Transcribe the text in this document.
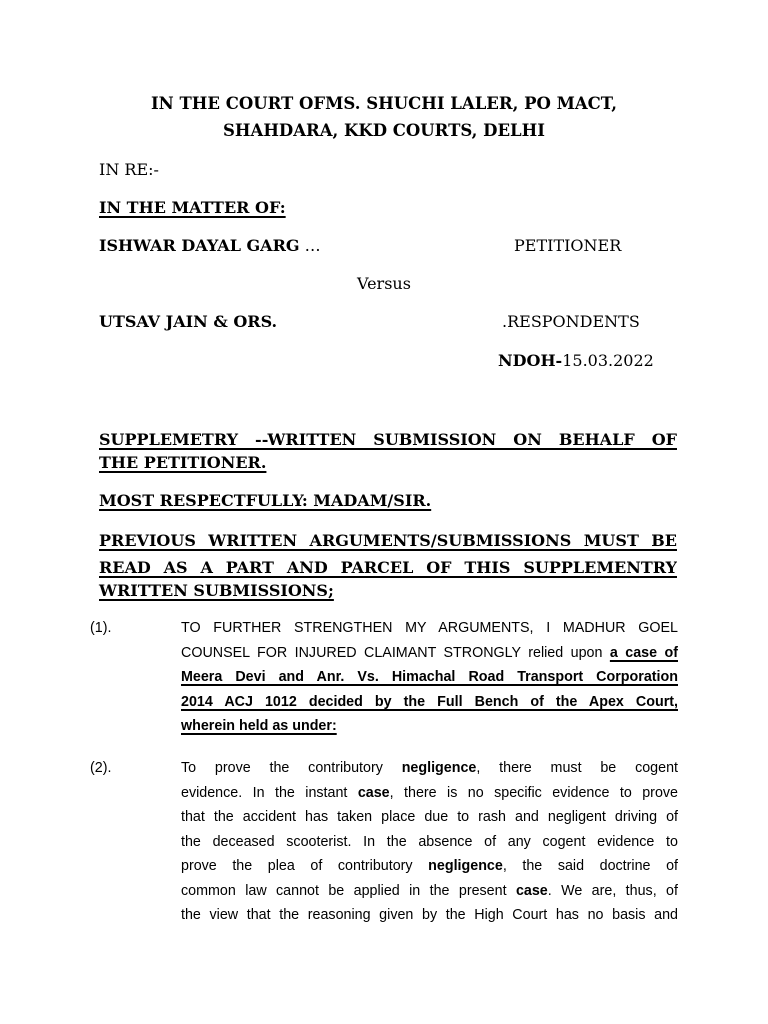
IN THE COURT OFMS. SHUCHI LALER, PO MACT,
SHAHDARA, KKD COURTS, DELHI
IN RE:-
IN THE MATTER OF:
ISHWAR DAYAL GARG …	PETITIONER
Versus
UTSAV JAIN & ORS.	.RESPONDENTS
NDOH-15.03.2022
SUPPLEMETRY --WRITTEN SUBMISSION ON BEHALF OF
THE PETITIONER.
MOST RESPECTFULLY: MADAM/SIR.
PREVIOUS WRITTEN ARGUMENTS/SUBMISSIONS MUST BE
READ AS A PART AND PARCEL OF THIS SUPPLEMENTRY
WRITTEN SUBMISSIONS;
(1).	TO FURTHER STRENGTHEN MY ARGUMENTS, I MADHUR GOEL
COUNSEL FOR INJURED CLAIMANT STRONGLY relied upon a case of
Meera Devi and Anr. Vs. Himachal Road Transport Corporation
2014 ACJ 1012 decided by the Full Bench of the Apex Court,
wherein held as under:
(2).	To prove the contributory negligence, there must be cogent
evidence. In the instant case, there is no specific evidence to prove
that the accident has taken place due to rash and negligent driving of
the deceased scooterist. In the absence of any cogent evidence to
prove the plea of contributory negligence, the said doctrine of
common law cannot be applied in the present case. We are, thus, of
the view that the reasoning given by the High Court has no basis and
